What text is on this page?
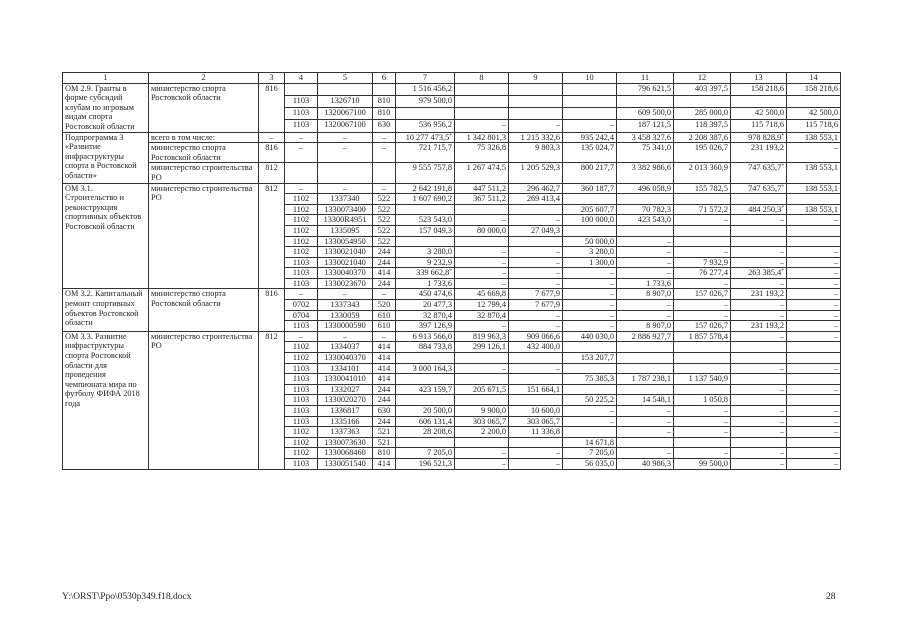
1	2	3	4	5	6	7	8	9	10	11	12	13	14
ОМ 2.9. Гранты в форме субсидий клубам по игровым видам спорта Ростовской области	министерство спорта Ростовской области	816				1 516 456,2				796 621,5	403 397,5	158 218,6	158 218,6
			1103	1326710	810	979 500,0							
			1103	1320067100	810					609 500,0	285 000,0	42 500,0	42 500,0
			1103	1320067100	630	536 956,2	–	–	–	187 121,5	118 397,5	115 718,6	115 718,6
Подпрограмма 3 «Развитие инфраструктуры спорта в Ростовской области»	всего в том числе:	–	–	–	–	10 277 473,5*	1 342 801,3	1 215 332,6	935 242,4	3 458 327,6	2 208 387,6	978 828,9*	138 553,1
	министерство спорта Ростовской области	816	–	–	–	721 715,7	75 326,8	9 803,3	135 024,7	75 341,0	195 026,7	231 193,2	–
	министерство строительства РО	812				9 555 757,8	1 267 474,5	1 205 529,3	800 217,7	3 382 986,6	2 013 360,9	747 635,7*	138 553,1
ОМ 3.1. Строительство и реконструкция спортивных объектов Ростовской области	министерство строительства РО	812	–	–	–	2 642 191,8	447 511,2	296 462,7	360 187,7	496 058,9	155 782,5	747 635,7*	138 553,1
			1102	1337340	522	1 607 690,2	367 511,2	269 413,4					
			1102	1330073400	522				205 607,7	70 782,3	71 572,2	484 250,3*	138 553,1
			1102	13300R4951	522	523 543,0	–	–	100 000,0	423 543,0	–	–	–
			1102	1335095	522	157 049,3	80 000,0	27 049,3					
			1102	1330054950	522				50 000,0	–			
			1102	1330021040	244	3 280,0	–	–	3 280,0	–	–	–	–
			1103	1330021040	244	9 232,9	–	–	1 300,0	–	7 932,9	–	–
			1103	1330040370	414	339 662,8*	–	–	–	–	76 277,4	263 385,4*	–
			1103	1330023670	244	1 733,6	–	–	–	1 733,6	–	–	–
ОМ 3.2. Капитальный ремонт спортивных объектов Ростовской области	министерство спорта Ростовской области	816	–	–	–	450 474,6	45 669,8	7 677,9	–	8 907,0	157 026,7	231 193,2	–
			0702	1337343	520	20 477,3	12 799,4	7 677,9	–	–	–	–	–
			0704	1330059	610	32 870,4	32 870,4	–	–	–	–	–	–
			1103	1330000590	610	397 126,9	–	–	–	8 907,0	157 026,7	231 193,2	–
ОМ 3.3. Развитие инфраструктуры спорта Ростовской области для проведения чемпионата мира по футболу ФИФА 2018 года	министерство строительства РО	812	–	–	–	6 913 566,0	819 963,3	909 066,6	440 030,0	2 886 927,7	1 857 578,4	–	–
			1102	1334037	414	884 733,8	299 126,1	432 400,0					
			1102	1330040370	414				153 207,7				
			1103	1334101	414	3 000 164,3	–	–				–	–
			1103	1330041010	414				75 385,3	1 787 238,1	1 137 540,9		
			1103	1332027	244	423 159,7	205 671,5	151 664,1				–	–
			1103	1330020270	244				50 225,2	14 548,1	1 050,8		
			1103	1336817	630	20 500,0	9 900,0	10 600,0	–	–	–	–	–
			1103	1335166	244	606 131,4	303 065,7	303 065,7	–	–	–	–	–
			1102	1337363	521	28 208,6	2 200,0	11 336,8		–	–	–	–
			1102	1330073630	521				14 671,8				
			1102	1330068460	810	7 205,0	–	–	7 205,0	–	–	–	–
			1103	1330051540	414	196 521,3	–	–	56 035,0	40 986,3	99 500,0	–	–
Y:\ORST\Ppo\0530p349.f18.docx	28
